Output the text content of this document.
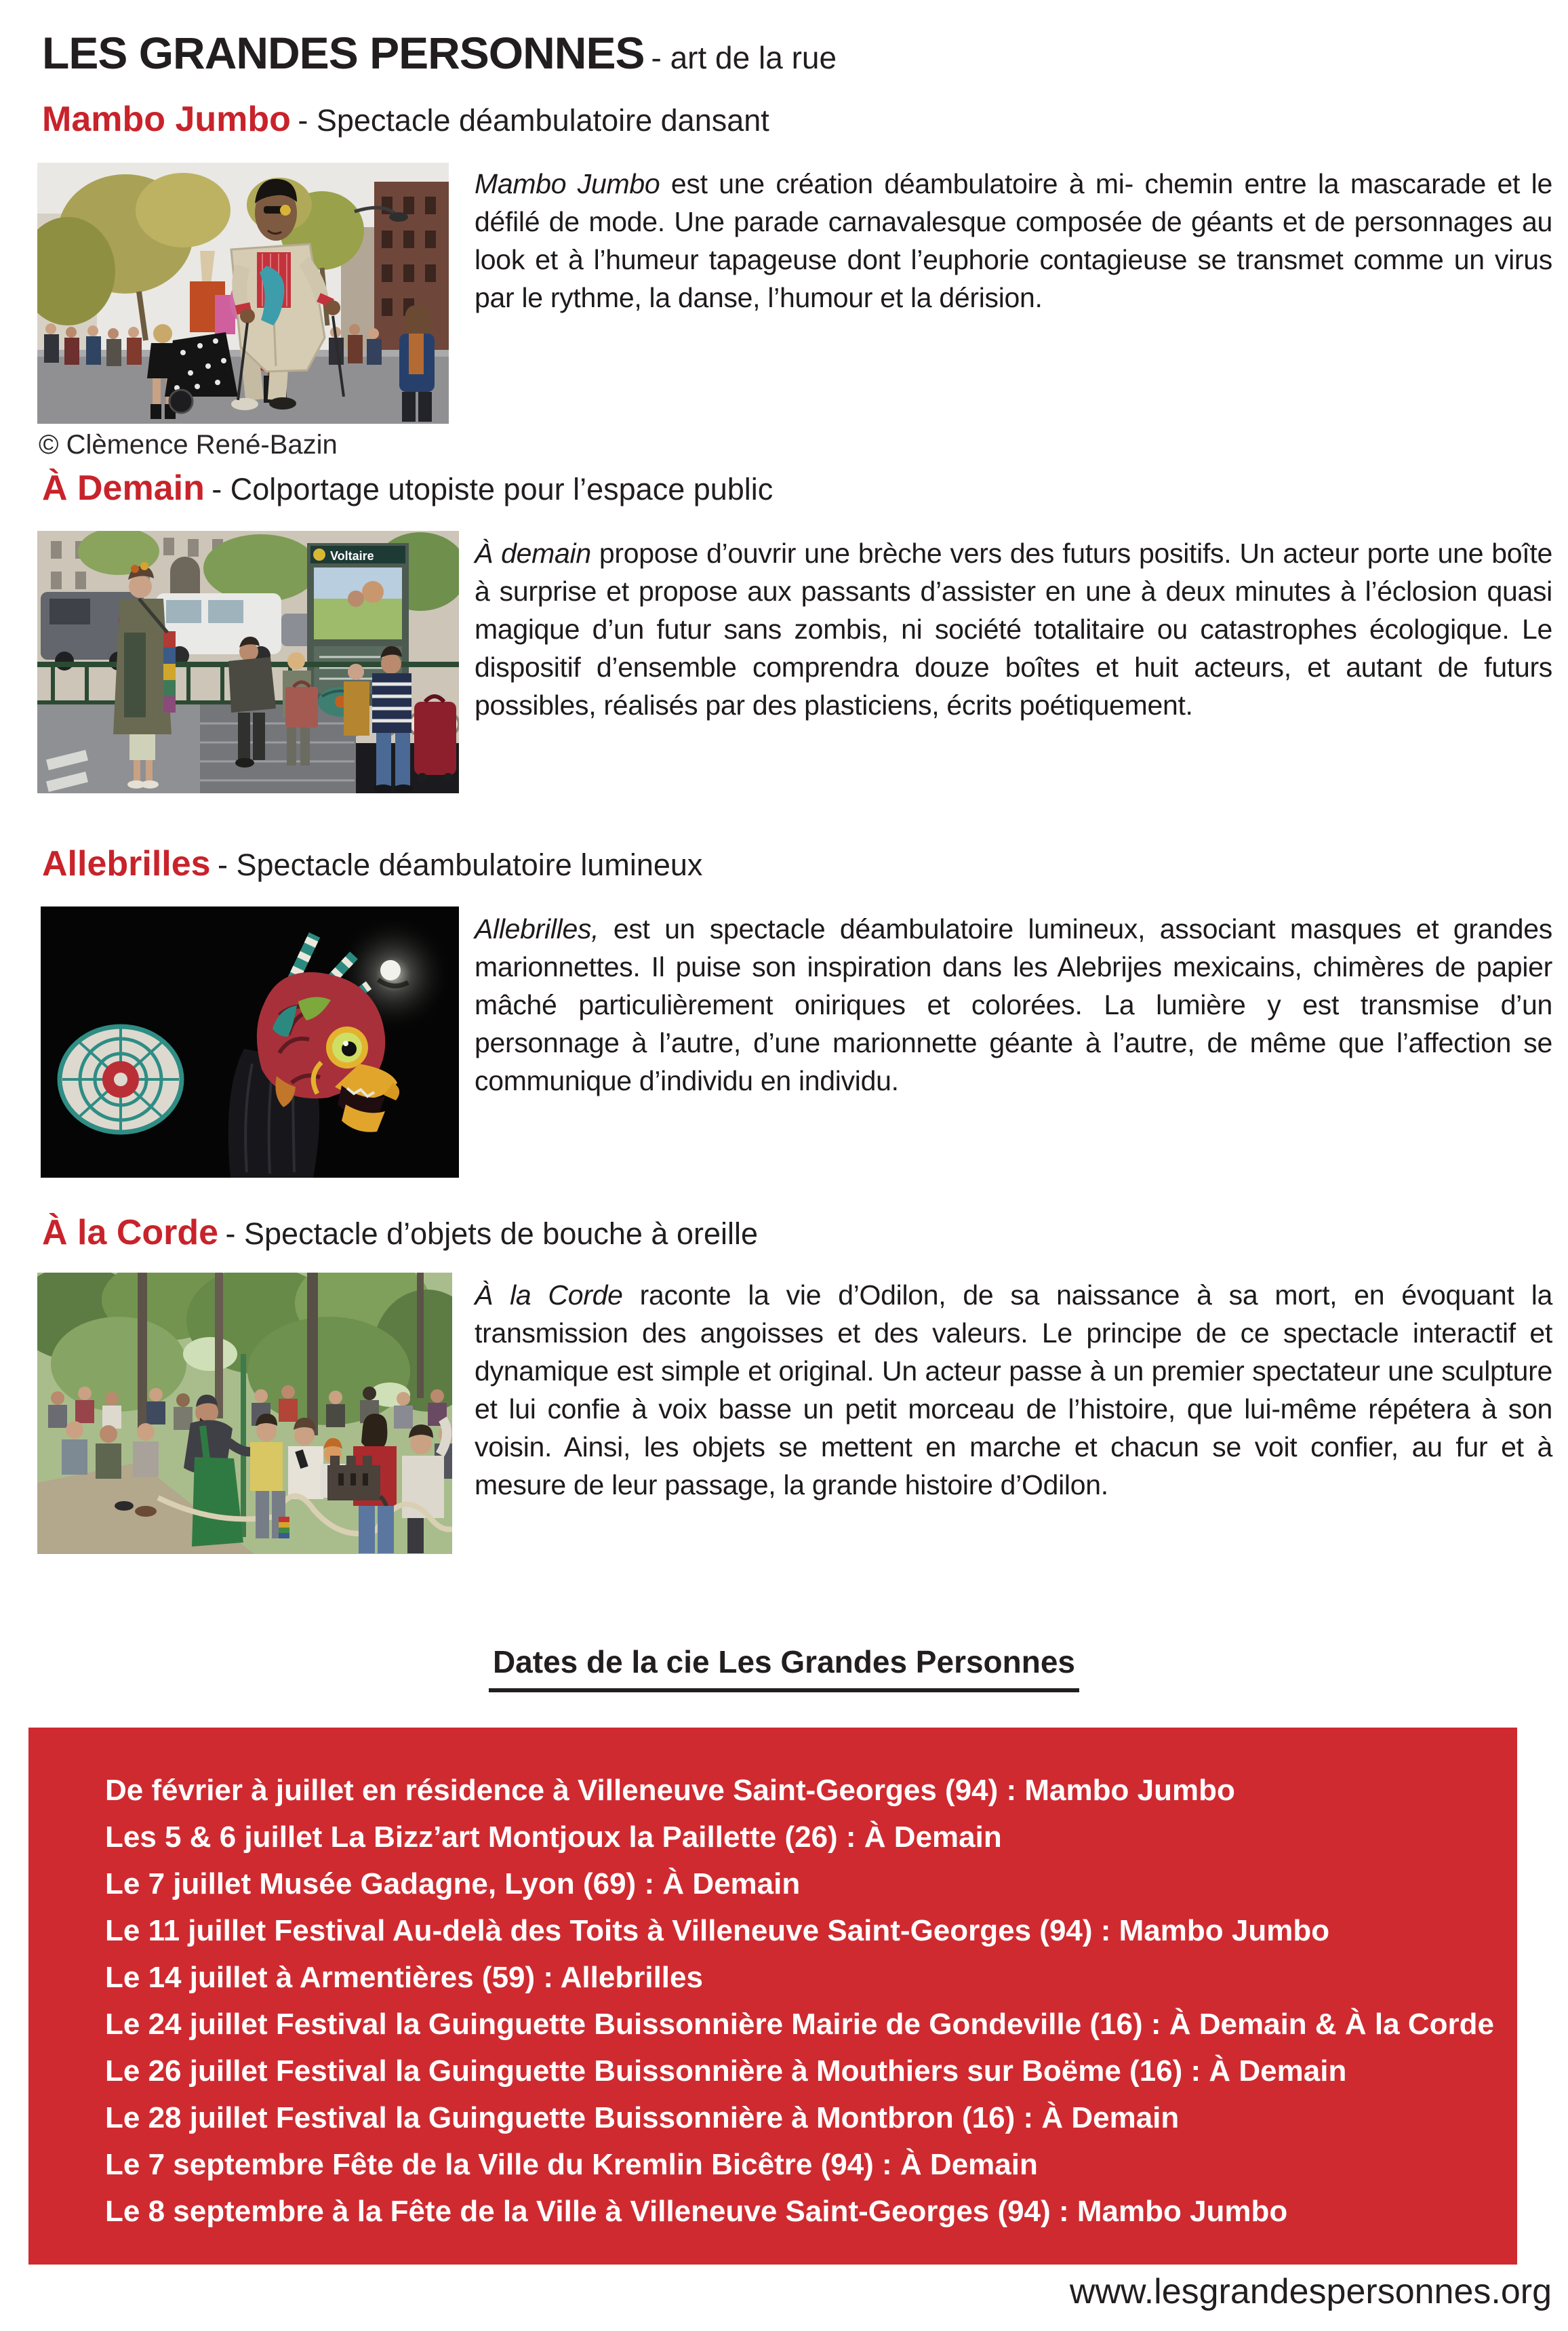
LES GRANDES PERSONNES - art de la rue
Mambo Jumbo - Spectacle déambulatoire dansant

Mambo Jumbo est une création déambulatoire à mi- chemin entre la mascarade et le défilé de mode. Une parade carnavalesque composée de géants et de personnages au look et à l’humeur tapageuse dont l’euphorie contagieuse se transmet comme un virus par le rythme, la danse, l’humour et la dérision.

© Clèmence René-Bazin
À Demain - Colportage utopiste pour l’espace public
Voltaire	À demain propose d’ouvrir une brèche vers des futurs positifs. Un acteur porte une boîte à surprise et propose aux passants d’assister en une à deux minutes à l’éclosion quasi magique d’un futur sans zombis, ni société totalitaire ou catastrophes écologique. Le dispositif d’ensemble comprendra douze boîtes et huit acteurs, et autant de futurs possibles, réalisés par des plasticiens, écrits poétiquement.

Allebrilles - Spectacle déambulatoire lumineux

Allebrilles, est un spectacle déambulatoire lumineux, associant masques et grandes marionnettes. Il puise son inspiration dans les Alebrijes mexicains, chimères de papier mâché particulièrement oniriques et colorées. La lumière y est transmise d’un personnage à l’autre, d’une marionnette géante à l’autre, de même que l’affection se communique d’individu en individu.

À la Corde - Spectacle d’objets de bouche à oreille

À la Corde raconte la vie d’Odilon, de sa naissance à sa mort, en évoquant la transmission des angoisses et des valeurs. Le principe de ce spectacle interactif et dynamique est simple et original. Un acteur passe à un premier spectateur une sculpture et lui confie à voix basse un petit morceau de l’histoire, que lui-même répétera à son voisin. Ainsi, les objets se mettent en marche et chacun se voit confier, au fur et à mesure de leur passage, la grande histoire d’Odilon.

Dates de la cie Les Grandes Personnes
De février à juillet en résidence à Villeneuve Saint-Georges (94) : Mambo Jumbo
Les 5 & 6 juillet La Bizz’art Montjoux la Paillette (26) : À Demain
Le 7 juillet Musée Gadagne, Lyon (69) : À Demain
Le 11 juillet Festival Au-delà des Toits à Villeneuve Saint-Georges (94) : Mambo Jumbo
Le 14 juillet à Armentières (59) : Allebrilles
Le 24 juillet Festival la Guinguette Buissonnière Mairie de Gondeville (16) : À Demain & À la Corde
Le 26 juillet Festival la Guinguette Buissonnière à Mouthiers sur Boëme (16) : À Demain
Le 28 juillet Festival la Guinguette Buissonnière à Montbron (16) : À Demain
Le 7 septembre Fête de la Ville du Kremlin Bicêtre (94) : À Demain
Le 8 septembre à la Fête de la Ville à Villeneuve Saint-Georges (94) : Mambo Jumbo
www.lesgrandespersonnes.org
